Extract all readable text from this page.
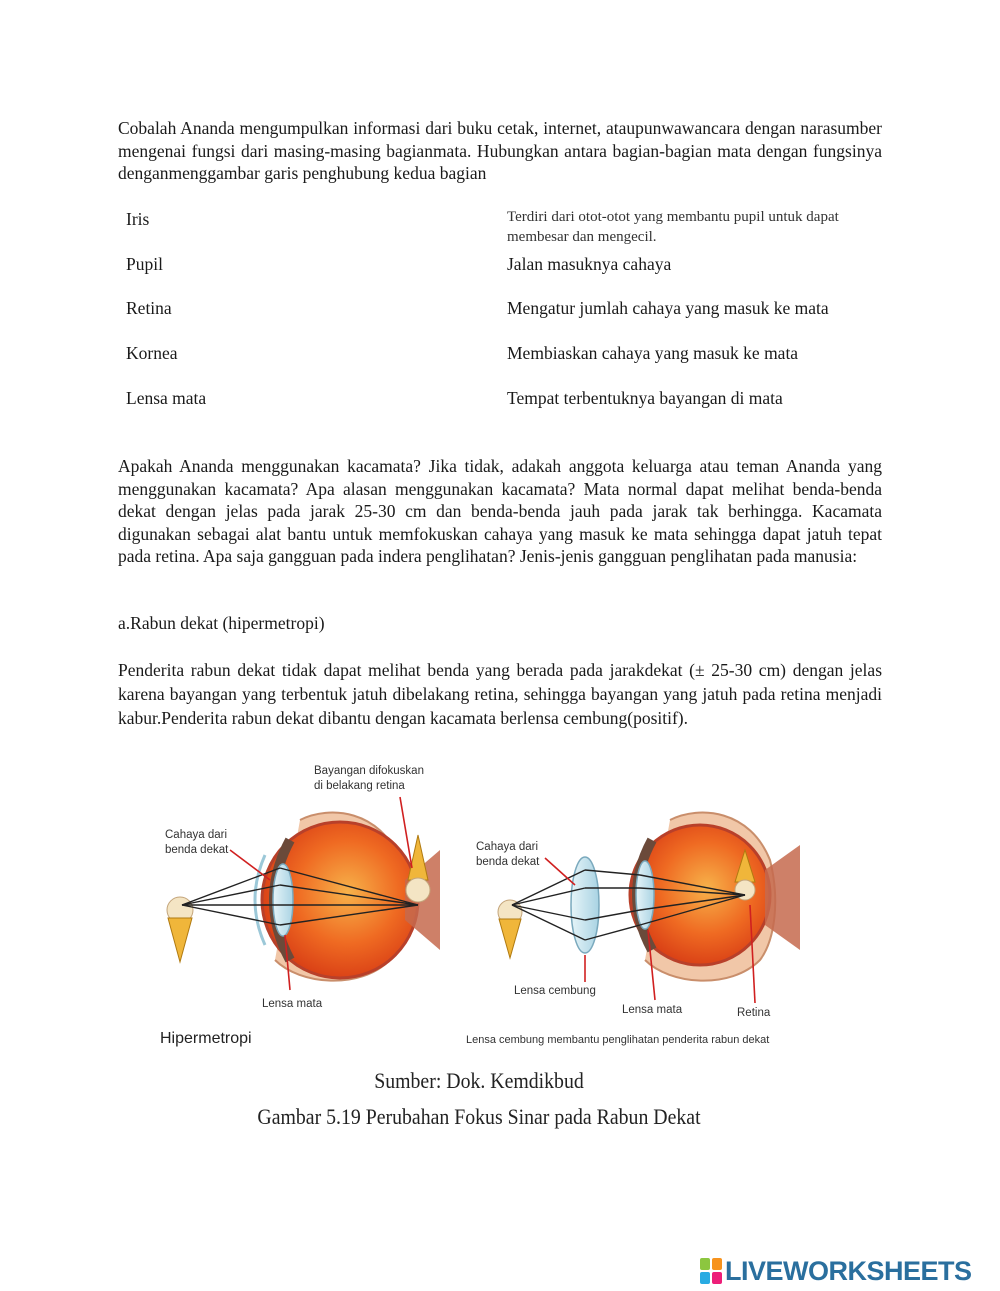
Cobalah Ananda mengumpulkan informasi dari buku cetak, internet, ataupunwawancara dengan narasumber mengenai fungsi dari masing-masing bagianmata. Hubungkan antara bagian-bagian mata dengan fungsinya denganmenggambar garis penghubung kedua bagian

Iris	Terdiri dari otot-otot yang membantu pupil untuk dapat membesar dan mengecil.
Pupil	Jalan masuknya cahaya
Retina	Mengatur jumlah cahaya yang masuk ke mata
Kornea	Membiaskan cahaya yang masuk ke mata
Lensa mata	Tempat terbentuknya bayangan di mata

Apakah Ananda menggunakan kacamata? Jika tidak, adakah anggota keluarga atau teman Ananda yang menggunakan kacamata? Apa alasan menggunakan kacamata? Mata normal dapat melihat benda-benda dekat dengan jelas pada jarak 25-30 cm dan benda-benda jauh pada jarak tak berhingga. Kacamata digunakan sebagai alat bantu untuk memfokuskan cahaya yang masuk ke mata sehingga dapat jatuh tepat pada retina. Apa saja gangguan pada indera penglihatan? Jenis-jenis gangguan penglihatan pada manusia:

a.Rabun dekat (hipermetropi)

Penderita rabun dekat tidak dapat melihat benda yang berada pada jarakdekat (± 25-30 cm) dengan jelas karena bayangan yang terbentuk jatuh dibelakang retina, sehingga bayangan yang jatuh pada retina menjadi kabur.Penderita rabun dekat dibantu dengan kacamata berlensa cembung(positif).

Bayangan difokuskan
di belakang retina
Cahaya dari
benda dekat
Lensa mata
Hipermetropi
Cahaya dari
benda dekat
Lensa cembung
Lensa mata	Retina
Lensa cembung membantu penglihatan penderita rabun dekat
Sumber: Dok. Kemdikbud
Gambar 5.19 Perubahan Fokus Sinar pada Rabun Dekat
LIVEWORKSHEETS
